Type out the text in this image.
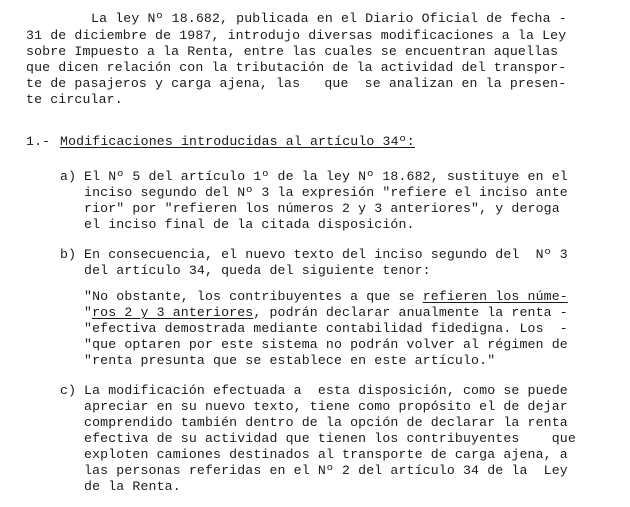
La ley Nº 18.682, publicada en el Diario Oficial de fecha -
31 de diciembre de 1987, introdujo diversas modificaciones a la Ley
sobre Impuesto a la Renta, entre las cuales se encuentran aquellas
que dicen relación con la tributación de la actividad del transpor-
te de pasajeros y carga ajena, las   que  se analizan en la presen-
te circular.
1.- Modificaciones introducidas al artículo 34º:
a) El Nº 5 del artículo 1º de la ley Nº 18.682, sustituye en el
inciso segundo del Nº 3 la expresión "refiere el inciso ante
rior" por "refieren los números 2 y 3 anteriores", y deroga
el inciso final de la citada disposición.
b) En consecuencia, el nuevo texto del inciso segundo del  Nº 3
del artículo 34, queda del siguiente tenor:
"No obstante, los contribuyentes a que se refieren los núme-
"ros 2 y 3 anteriores, podrán declarar anualmente la renta -
"efectiva demostrada mediante contabilidad fidedigna. Los  -
"que optaren por este sistema no podrán volver al régimen de
"renta presunta que se establece en este artículo."
c) La modificación efectuada a  esta disposición, como se puede
apreciar en su nuevo texto, tiene como propósito el de dejar
comprendido también dentro de la opción de declarar la renta
efectiva de su actividad que tienen los contribuyentes    que
exploten camiones destinados al transporte de carga ajena, a
las personas referidas en el Nº 2 del artículo 34 de la  Ley
de la Renta.
